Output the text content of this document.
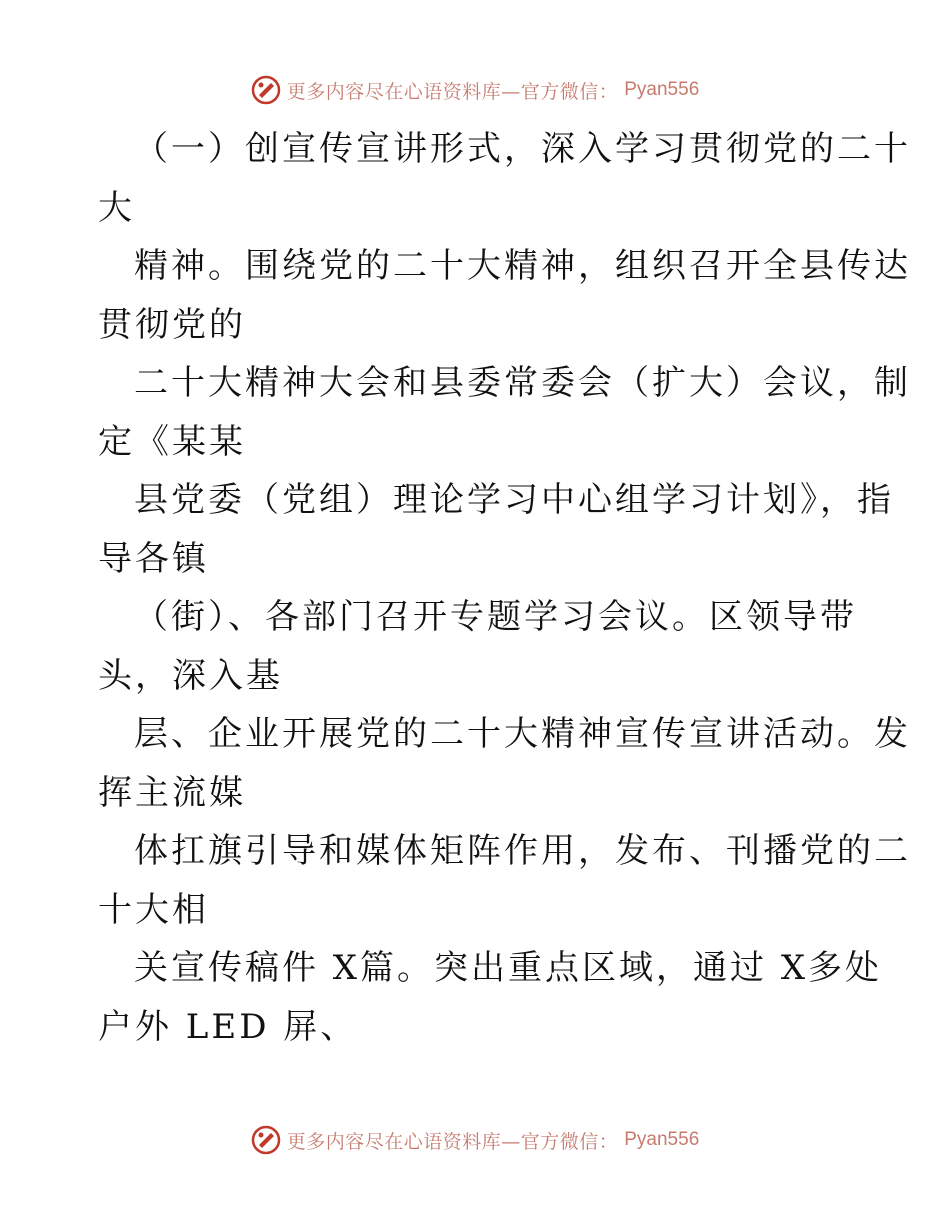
更多内容尽在心语资料库—官方微信： Pyan556
（一）创宣传宣讲形式，深入学习贯彻党的二十
大
精神。围绕党的二十大精神，组织召开全县传达
贯彻党的
二十大精神大会和县委常委会（扩大）会议，制
定《某某
县党委（党组）理论学习中心组学习计划》，指
导各镇
（街）、各部门召开专题学习会议。区领导带
头，深入基
层、企业开展党的二十大精神宣传宣讲活动。发
挥主流媒
体扛旗引导和媒体矩阵作用，发布、刊播党的二
十大相
关宣传稿件 X篇。突出重点区域，通过 X多处
户外 LED 屏、
更多内容尽在心语资料库—官方微信： Pyan556
